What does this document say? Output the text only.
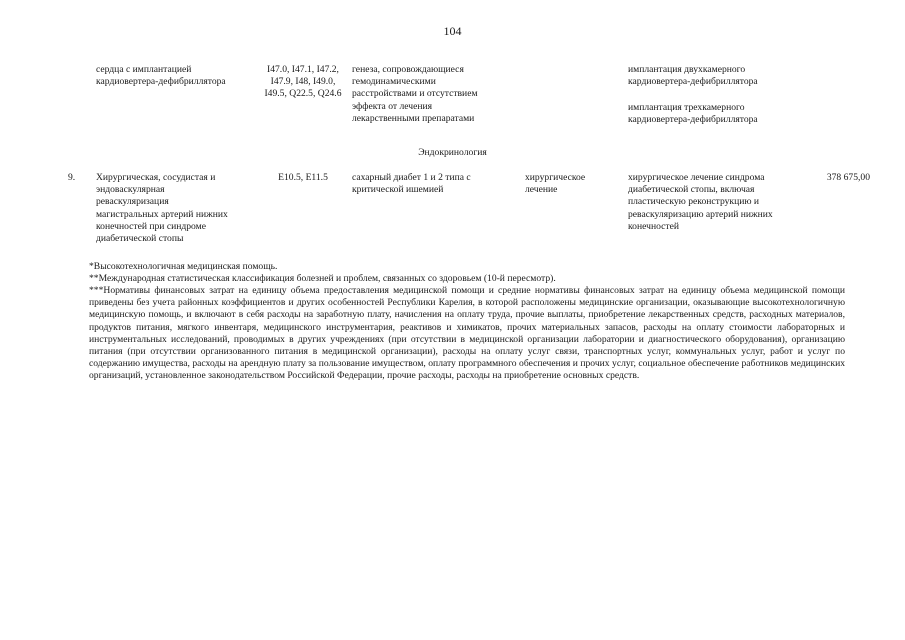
104
сердца с имплантацией
кардиовертера-дефибриллятора
I47.0, I47.1, I47.2,
I47.9, I48, I49.0,
I49.5, Q22.5, Q24.6
генеза, сопровождающиеся
гемодинамическими
расстройствами и отсутствием
эффекта от лечения
лекарственными препаратами
имплантация двухкамерного
кардиовертера-дефибриллятора
имплантация трехкамерного
кардиовертера-дефибриллятора
Эндокринология
9.	Хирургическая, сосудистая и
эндоваскулярная
реваскуляризация
магистральных артерий нижних
конечностей при синдроме
диабетической стопы
E10.5, E11.5	сахарный диабет 1 и 2 типа с
критической ишемией
хирургическое
лечение
хирургическое лечение синдрома
диабетической стопы, включая
пластическую реконструкцию и
реваскуляризацию артерий нижних
конечностей
378 675,00
*Высокотехнологичная медицинская помощь.
**Международная статистическая классификация болезней и проблем, связанных со здоровьем (10-й пересмотр).
***Нормативы финансовых затрат на единицу объема предоставления медицинской помощи и средние нормативы финансовых затрат на единицу объема медицинской помощи приведены без учета районных коэффициентов и других особенностей Республики Карелия, в которой расположены медицинские организации, оказывающие высокотехнологичную медицинскую помощь, и включают в себя расходы на заработную плату, начисления на оплату труда, прочие выплаты, приобретение лекарственных средств, расходных материалов, продуктов питания, мягкого инвентаря, медицинского инструментария, реактивов и химикатов, прочих материальных запасов, расходы на оплату стоимости лабораторных и инструментальных исследований, проводимых в других учреждениях (при отсутствии в медицинской организации лаборатории и диагностического оборудования), организацию питания (при отсутствии организованного питания в медицинской организации), расходы на оплату услуг связи, транспортных услуг, коммунальных услуг, работ и услуг по содержанию имущества, расходы на арендную плату за пользование имуществом, оплату программного обеспечения и прочих услуг, социальное обеспечение работников медицинских организаций, установленное законодательством Российской Федерации, прочие расходы, расходы на приобретение основных средств.
